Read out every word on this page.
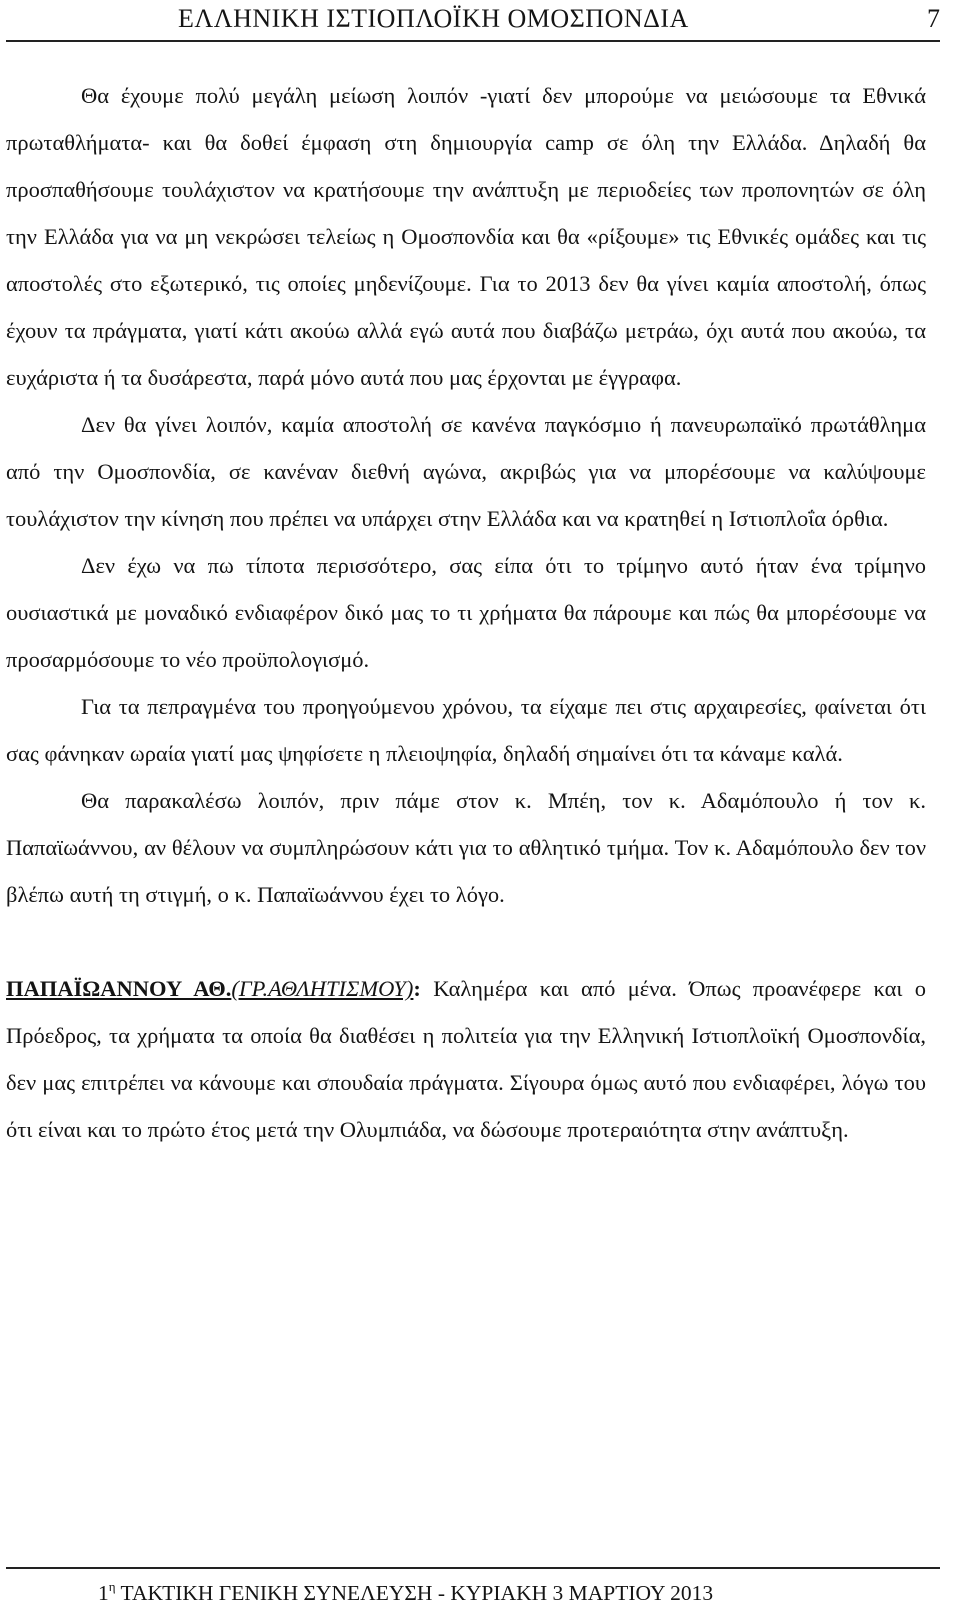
ΕΛΛΗΝΙΚΗ ΙΣΤΙΟΠΛΟΪΚΗ ΟΜΟΣΠΟΝΔΙΑ	7

Θα έχουμε πολύ μεγάλη μείωση λοιπόν -γιατί δεν μπορούμε να μειώσουμε τα Εθνικά πρωταθλήματα- και θα δοθεί έμφαση στη δημιουργία camp σε όλη την Ελλάδα. Δηλαδή θα προσπαθήσουμε τουλάχιστον να κρατήσουμε την ανάπτυξη με περιοδείες των προπονητών σε όλη την Ελλάδα για να μη νεκρώσει τελείως η Ομοσπονδία και θα «ρίξουμε» τις Εθνικές ομάδες και τις αποστολές στο εξωτερικό, τις οποίες μηδενίζουμε. Για το 2013 δεν θα γίνει καμία αποστολή, όπως έχουν τα πράγματα, γιατί κάτι ακούω αλλά εγώ αυτά που διαβάζω μετράω, όχι αυτά που ακούω, τα ευχάριστα ή τα δυσάρεστα, παρά μόνο αυτά που μας έρχονται με έγγραφα.

Δεν θα γίνει λοιπόν, καμία αποστολή σε κανένα παγκόσμιο ή πανευρωπαϊκό πρωτάθλημα από την Ομοσπονδία, σε κανέναν διεθνή αγώνα, ακριβώς για να μπορέσουμε να καλύψουμε τουλάχιστον την κίνηση που πρέπει να υπάρχει στην Ελλάδα και να κρατηθεί η Ιστιοπλοΐα όρθια.

Δεν έχω να πω τίποτα περισσότερο, σας είπα ότι το τρίμηνο αυτό ήταν ένα τρίμηνο ουσιαστικά με μοναδικό ενδιαφέρον δικό μας το τι χρήματα θα πάρουμε και πώς θα μπορέσουμε να προσαρμόσουμε το νέο προϋπολογισμό.

Για τα πεπραγμένα του προηγούμενου χρόνου, τα είχαμε πει στις αρχαιρεσίες, φαίνεται ότι σας φάνηκαν ωραία γιατί μας ψηφίσετε η πλειοψηφία, δηλαδή σημαίνει ότι τα κάναμε καλά.

Θα παρακαλέσω λοιπόν, πριν πάμε στον κ. Μπέη, τον κ. Αδαμόπουλο ή τον κ. Παπαϊωάννου, αν θέλουν να συμπληρώσουν κάτι για το αθλητικό τμήμα. Τον κ. Αδαμόπουλο δεν τον βλέπω αυτή τη στιγμή, ο κ. Παπαϊωάννου έχει το λόγο.

ΠΑΠΑΪΩΑΝΝΟΥ ΑΘ.(ΓΡ.ΑΘΛΗΤΙΣΜΟΥ): Καλημέρα και από μένα. Όπως προανέφερε και ο Πρόεδρος, τα χρήματα τα οποία θα διαθέσει η πολιτεία για την Ελληνική Ιστιοπλοϊκή Ομοσπονδία, δεν μας επιτρέπει να κάνουμε και σπουδαία πράγματα. Σίγουρα όμως αυτό που ενδιαφέρει, λόγω του ότι είναι και το πρώτο έτος μετά την Ολυμπιάδα, να δώσουμε προτεραιότητα στην ανάπτυξη.

$1^\eta$ ΤΑΚΤΙΚΗ ΓΕΝΙΚΗ ΣΥΝΕΛΕΥΣΗ - ΚΥΡΙΑΚΗ 3 ΜΑΡΤΙΟΥ 2013
